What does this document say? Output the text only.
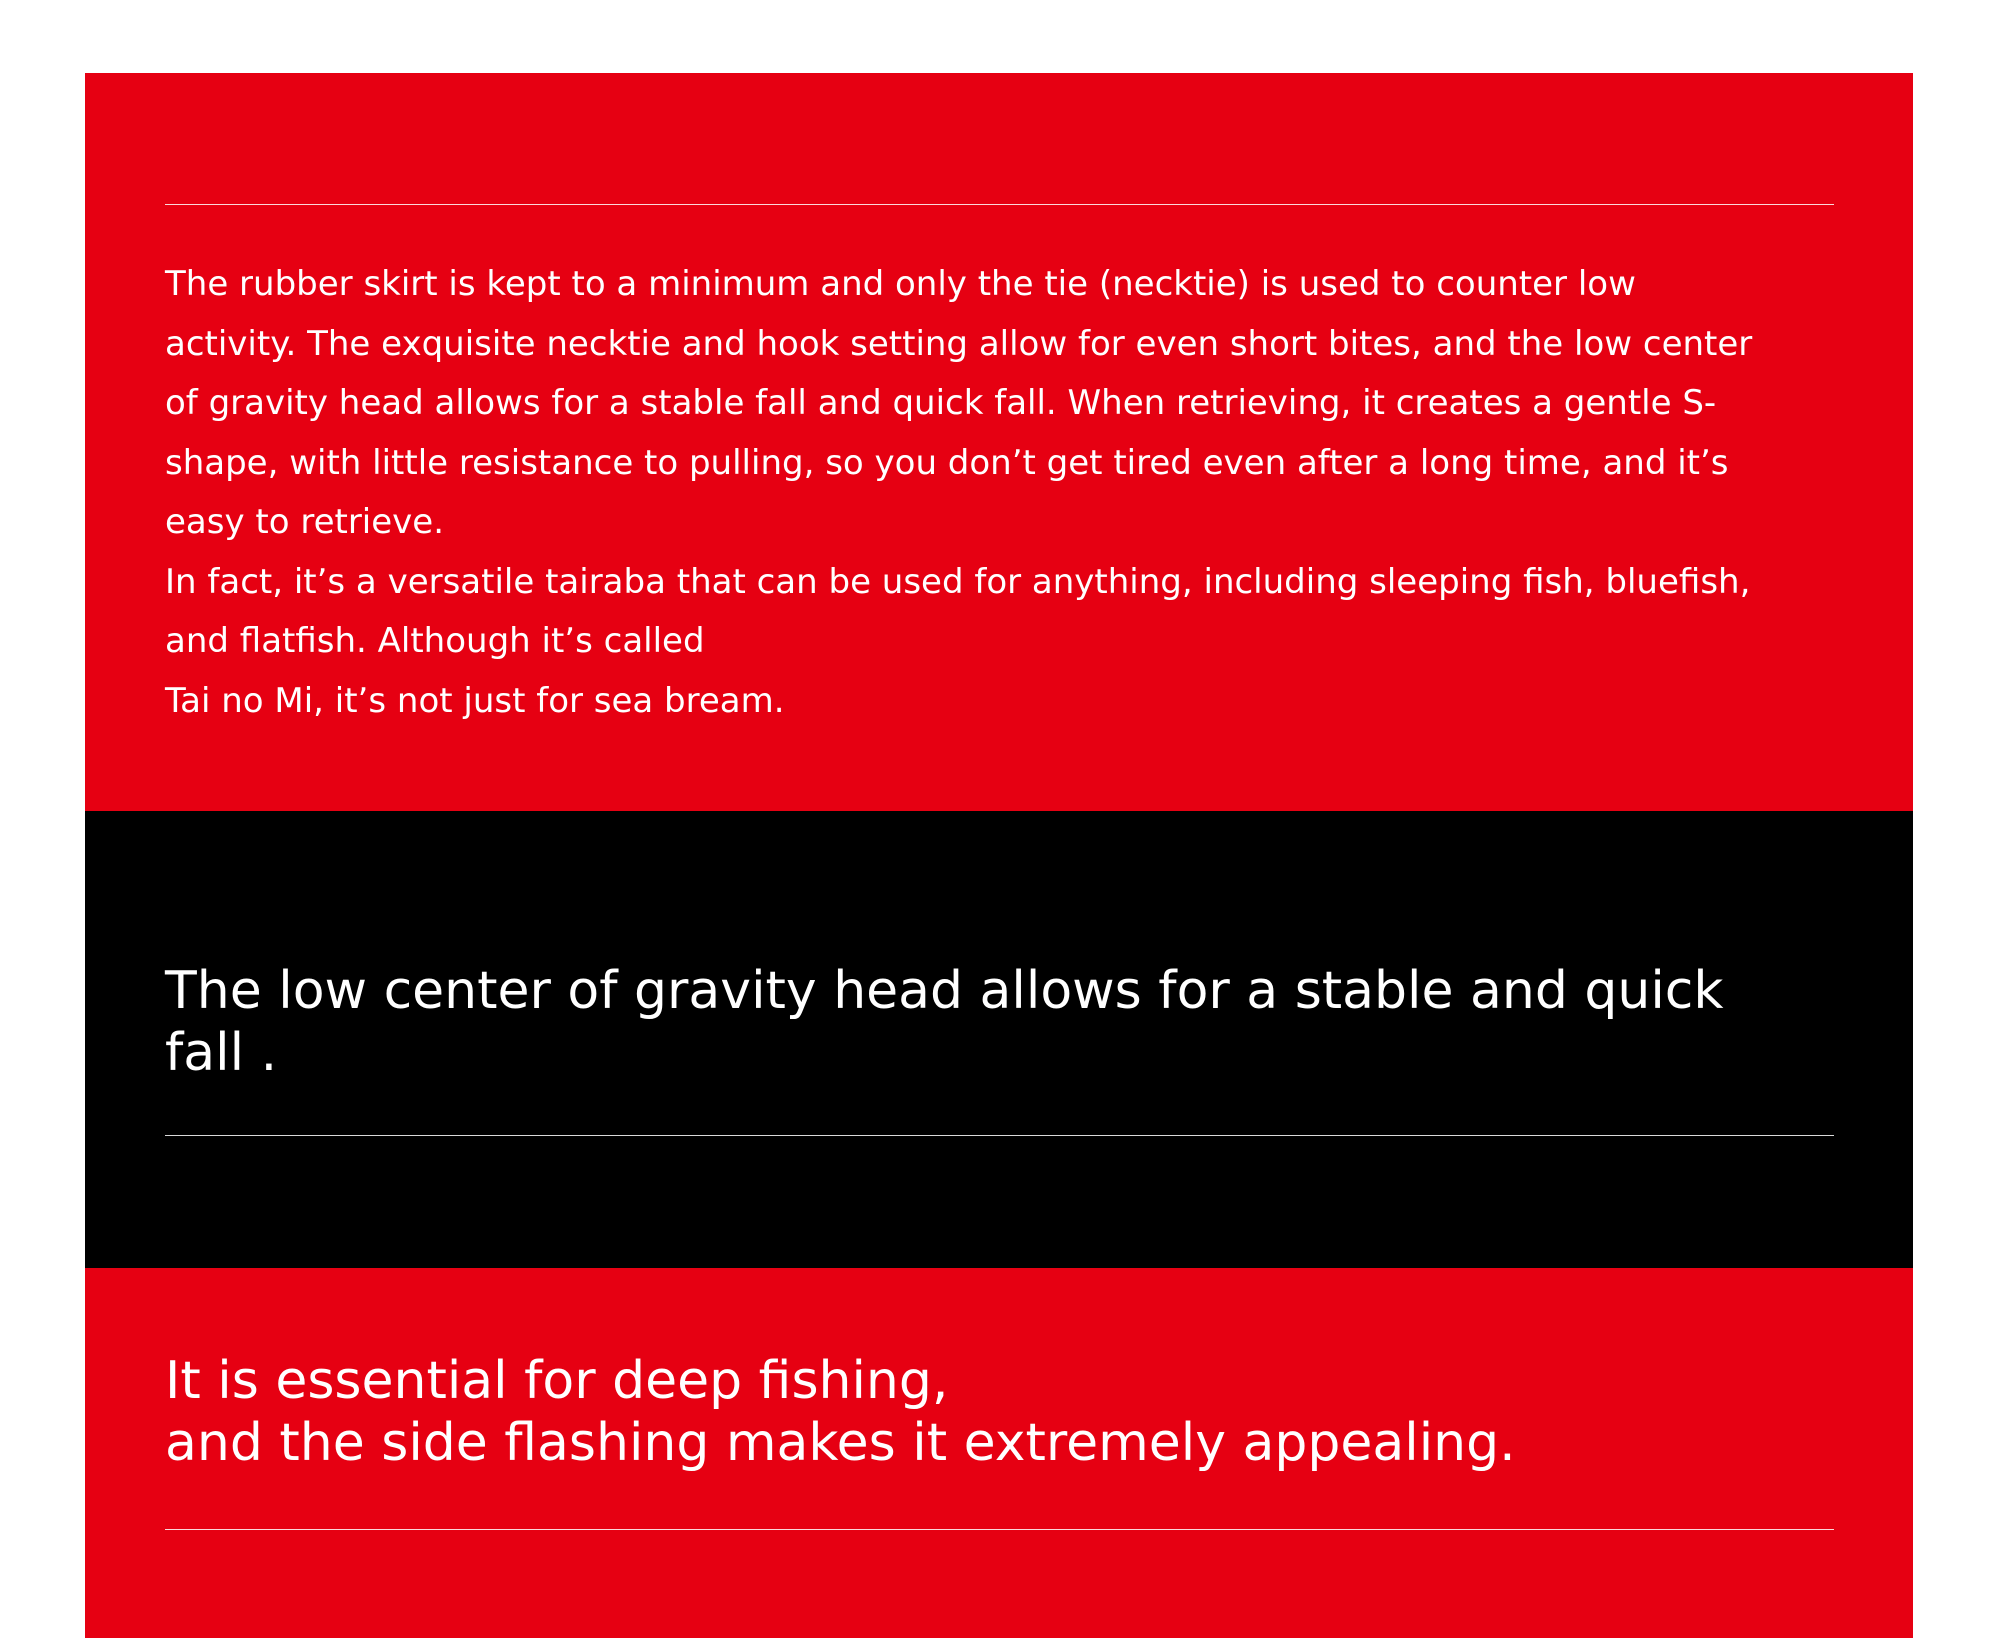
The rubber skirt is kept to a minimum and only the tie (necktie) is used to counter low
activity. The exquisite necktie and hook setting allow for even short bites, and the low center
of gravity head allows for a stable fall and quick fall. When retrieving, it creates a gentle S-
shape, with little resistance to pulling, so you don’t get tired even after a long time, and it’s
easy to retrieve.

In fact, it’s a versatile tairaba that can be used for anything, including sleeping fish, bluefish,
and flatfish. Although it’s called

Tai no Mi, it’s not just for sea bream.

The low center of gravity head allows for a stable and quick
fall .
It is essential for deep fishing,
and the side flashing makes it extremely appealing.
